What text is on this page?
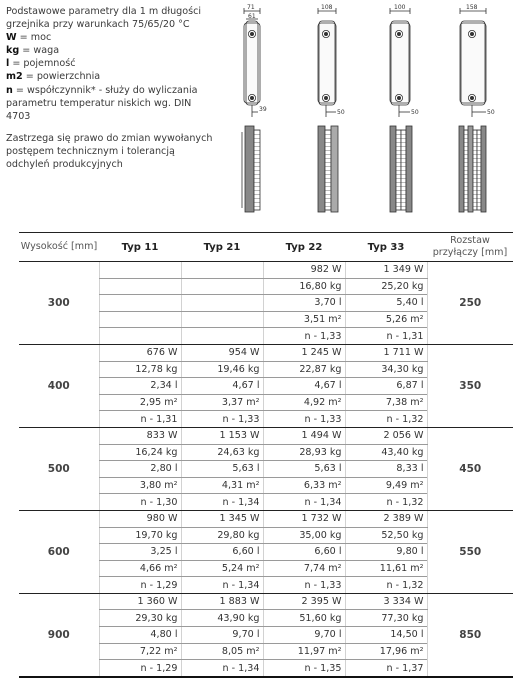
Podstawowe parametry dla 1 m długości
grzejnika przy warunkach 75/65/20 °C
W = moc
kg = waga
l = pojemność
m2 = powierzchnia
n = współczynnik* - służy do wyliczania
parametru temperatur niskich wg. DIN
4703
Zastrzega się prawo do zmian wywołanych
postępem technicznym i tolerancją
odchyleń produkcyjnych
71
61
39
108
50
100
50
158
50
Wysokość [mm]	Typ 11	Typ 21	Typ 22	Typ 33	Rozstaw przyłączy [mm]
300			982 W	1 349 W	250
			16,80 kg	25,20 kg	
			3,70 l	5,40 l	
			3,51 m²	5,26 m²	
			n - 1,33	n - 1,31	
400	676 W	954 W	1 245 W	1 711 W	350
	12,78 kg	19,46 kg	22,87 kg	34,30 kg	
	2,34 l	4,67 l	4,67 l	6,87 l	
	2,95 m²	3,37 m²	4,92 m²	7,38 m²	
	n - 1,31	n - 1,33	n - 1,33	n - 1,32	
500	833 W	1 153 W	1 494 W	2 056 W	450
	16,24 kg	24,63 kg	28,93 kg	43,40 kg	
	2,80 l	5,63 l	5,63 l	8,33 l	
	3,80 m²	4,31 m²	6,33 m²	9,49 m²	
	n - 1,30	n - 1,34	n - 1,34	n - 1,32	
600	980 W	1 345 W	1 732 W	2 389 W	550
	19,70 kg	29,80 kg	35,00 kg	52,50 kg	
	3,25 l	6,60 l	6,60 l	9,80 l	
	4,66 m²	5,24 m²	7,74 m²	11,61 m²	
	n - 1,29	n - 1,34	n - 1,33	n - 1,32	
900	1 360 W	1 883 W	2 395 W	3 334 W	850
	29,30 kg	43,90 kg	51,60 kg	77,30 kg	
	4,80 l	9,70 l	9,70 l	14,50 l	
	7,22 m²	8,05 m²	11,97 m²	17,96 m²	
	n - 1,29	n - 1,34	n - 1,35	n - 1,37	
